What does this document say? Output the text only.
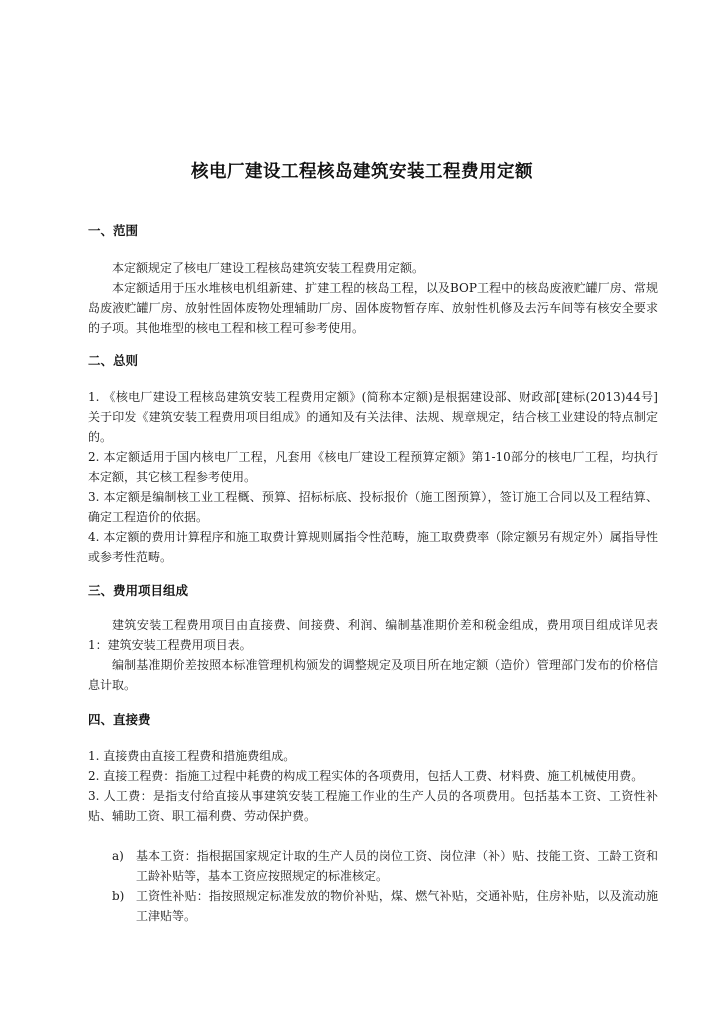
核电厂建设工程核岛建筑安装工程费用定额
一、范围

本定额规定了核电厂建设工程核岛建筑安装工程费用定额。

本定额适用于压水堆核电机组新建、扩建工程的核岛工程，以及BOP工程中的核岛废液贮罐厂房、常规岛废液贮罐厂房、放射性固体废物处理辅助厂房、固体废物暂存库、放射性机修及去污车间等有核安全要求的子项。其他堆型的核电工程和核工程可参考使用。

二、总则

1. 《核电厂建设工程核岛建筑安装工程费用定额》(简称本定额)是根据建设部、财政部[建标(2013)44号] 关于印发《建筑安装工程费用项目组成》的通知及有关法律、法规、规章规定，结合核工业建设的特点制定的。

2. 本定额适用于国内核电厂工程，凡套用《核电厂建设工程预算定额》第1-10部分的核电厂工程，均执行本定额，其它核工程参考使用。

3. 本定额是编制核工业工程概、预算、招标标底、投标报价（施工图预算），签订施工合同以及工程结算、确定工程造价的依据。

4. 本定额的费用计算程序和施工取费计算规则属指令性范畴，施工取费费率（除定额另有规定外）属指导性或参考性范畴。

三、费用项目组成

建筑安装工程费用项目由直接费、间接费、利润、编制基准期价差和税金组成，费用项目组成详见表1：建筑安装工程费用项目表。

编制基准期价差按照本标准管理机构颁发的调整规定及项目所在地定额（造价）管理部门发布的价格信息计取。

四、直接费

1. 直接费由直接工程费和措施费组成。

2. 直接工程费：指施工过程中耗费的构成工程实体的各项费用，包括人工费、材料费、施工机械使用费。

3. 人工费：是指支付给直接从事建筑安装工程施工作业的生产人员的各项费用。包括基本工资、工资性补贴、辅助工资、职工福利费、劳动保护费。

a)	基本工资：指根据国家规定计取的生产人员的岗位工资、岗位津（补）贴、技能工资、工龄工资和工龄补贴等，基本工资应按照规定的标准核定。
b) 工资性补贴：指按照规定标准发放的物价补贴，煤、燃气补贴，交通补贴，住房补贴，以及流动施工津贴等。
